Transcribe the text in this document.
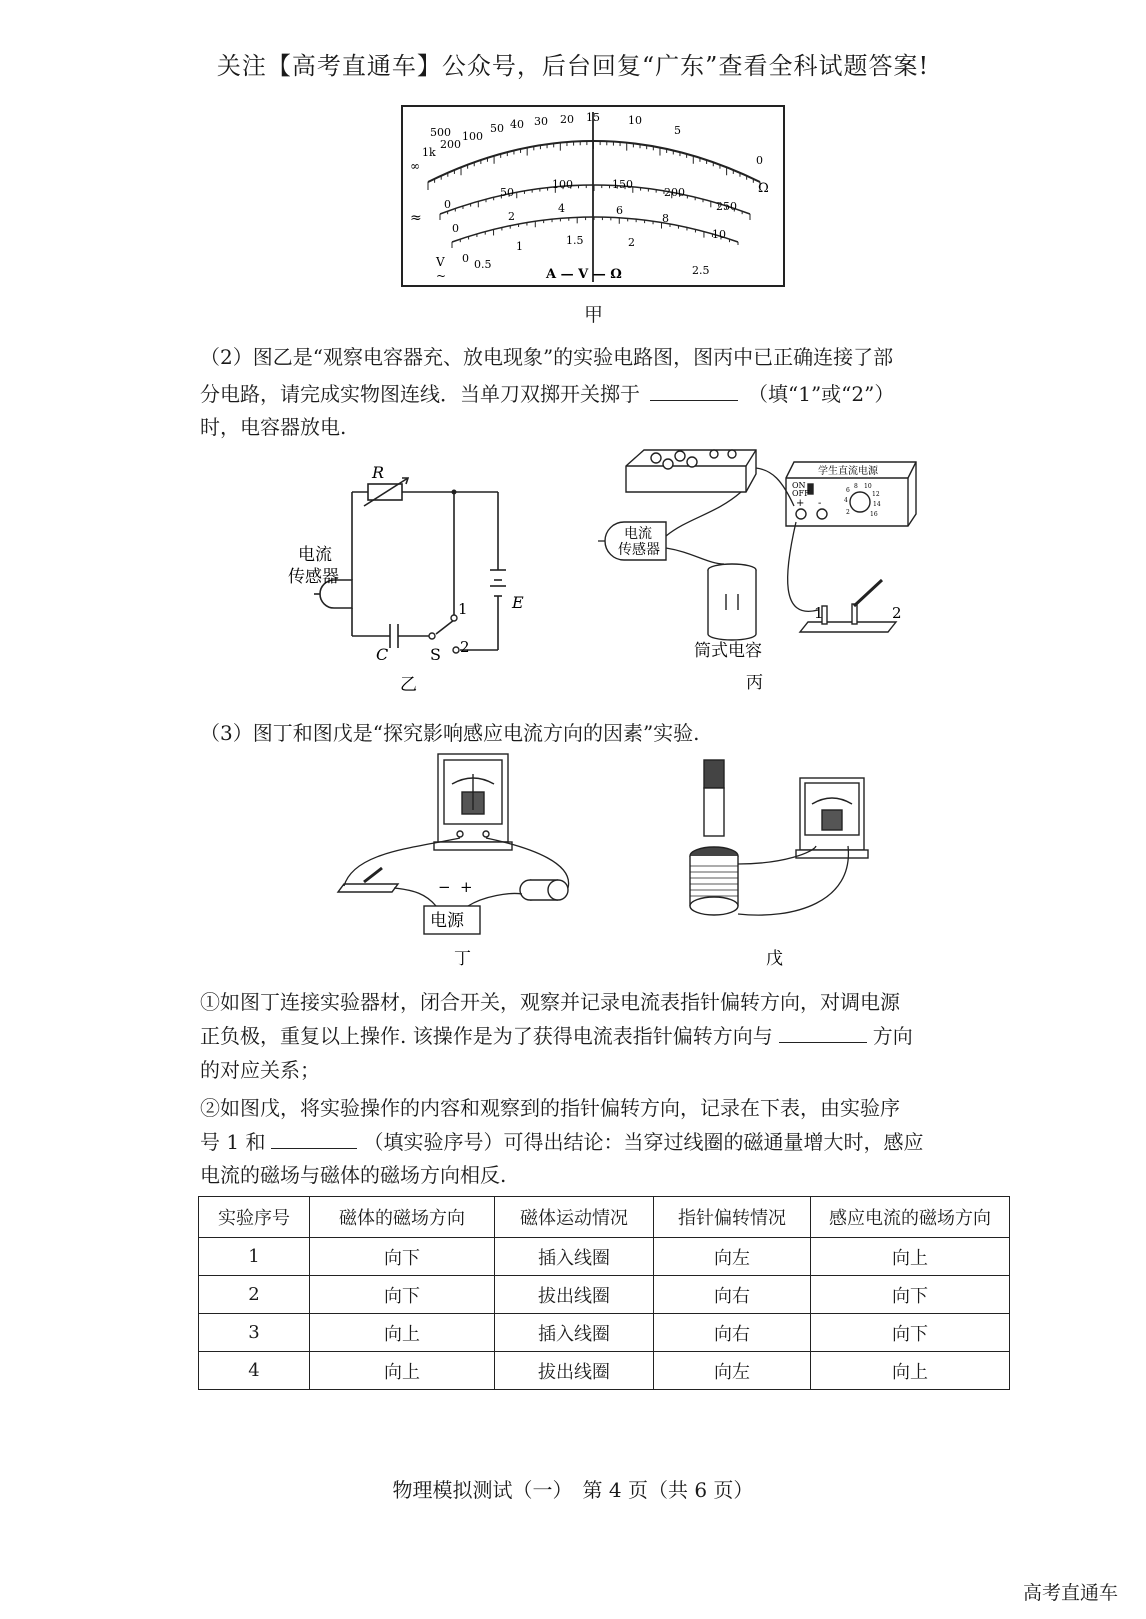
关注【高考直通车】公众号，后台回复“广东”查看全科试题答案!
∞
1k
500
200
100
50 40 30 20 15	10
5
0
Ω
0
50
100	150
200
250
0
2
4	6
8
10
0 0.5
1	1.5	2
2.5
≈
V
~	A — V — Ω
甲
（2）图乙是“观察电容器充、放电现象”的实验电路图，图丙中已正确连接了部
分电路，请完成实物图连线．当单刀双掷开关掷于	（填“1”或“2”）
时，电容器放电.
R
电流
传感器
E
C	S
1
2
乙
学生直流电源
ON
OFF
+ -
2
4
6
8 10
12
14
16
电流
传感器
筒式电容
1	2
丙
（3）图丁和图戊是“探究影响感应电流方向的因素”实验.
− +
电源
丁	戊
①如图丁连接实验器材，闭合开关，观察并记录电流表指针偏转方向，对调电源
正负极，重复以上操作. 该操作是为了获得电流表指针偏转方向与	方向
的对应关系；
②如图戊，将实验操作的内容和观察到的指针偏转方向，记录在下表，由实验序
号 1 和	（填实验序号）可得出结论：当穿过线圈的磁通量增大时，感应
电流的磁场与磁体的磁场方向相反.
实验序号	磁体的磁场方向	磁体运动情况	指针偏转情况	感应电流的磁场方向
1	向下	插入线圈	向左	向上
2	向下	拔出线圈	向右	向下
3	向上	插入线圈	向右	向下
4	向上	拔出线圈	向左	向上
物理模拟测试（一）　第 4 页（共 6 页）
高考直通车
